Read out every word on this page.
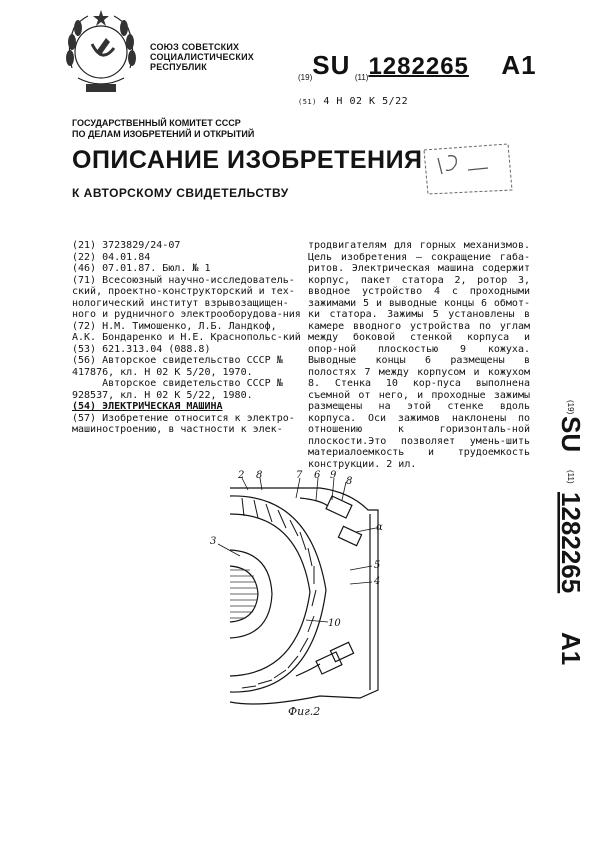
СОЮЗ СОВЕТСКИХ
СОЦИАЛИСТИЧЕСКИХ
РЕСПУБЛИК
$_{(19)}$SU $_{(11)}$1282265 A1
(51) 4 Н 02 К 5/22
ГОСУДАРСТВЕННЫЙ КОМИТЕТ СССР
ПО ДЕЛАМ ИЗОБРЕТЕНИЙ И ОТКРЫТИЙ
ОПИСАНИЕ ИЗОБРЕТЕНИЯ
К АВТОРСКОМУ СВИДЕТЕЛЬСТВУ
(21) 3723829/24-07
(22) 04.01.84
(46) 07.01.87. Бюл. № 1
(71) Всесоюзный научно-исследователь-ский, проектно-конструкторский и тех-нологический институт взрывозащищен-ного и рудничного электрооборудова-ния
(72) Н.М. Тимошенко, Л.Б. Ландкоф, А.К. Бондаренко и Н.Е. Краснопольс-кий
(53) 621.313.04 (088.8)
(56) Авторское свидетельство СССР № 417876, кл. Н 02 К 5/20, 1970.
Авторское свидетельство СССР № 928537, кл. Н 02 К 5/22, 1980.
(54) ЭЛЕКТРИЧЕСКАЯ МАШИНА
(57) Изобретение относится к электро-машиностроению, в частности к элек-
тродвигателям для горных механизмов. Цель изобретения – сокращение габа-ритов. Электрическая машина содержит корпус, пакет статора 2, ротор 3, вводное устройство 4 с проходными зажимами 5 и выводные концы 6 обмот-ки статора. Зажимы 5 установлены в камере вводного устройства по углам между боковой стенкой корпуса и опор-ной плоскостью 9 кожуха. Выводные концы 6 размещены в полостях 7 между корпусом и кожухом 8. Стенка 10 кор-пуса выполнена съемной от него, и проходные зажимы размещены на этой стенке вдоль корпуса. Оси зажимов наклонены по отношению к горизонталь-ной плоскости.Это позволяет умень-шить материалоемкость и трудоемкость конструкции. 2 ил.
(19)
SU
(11)
1282265
A1
2 8	7 6 9
8
α
3
5
4
10
Фиг.2
